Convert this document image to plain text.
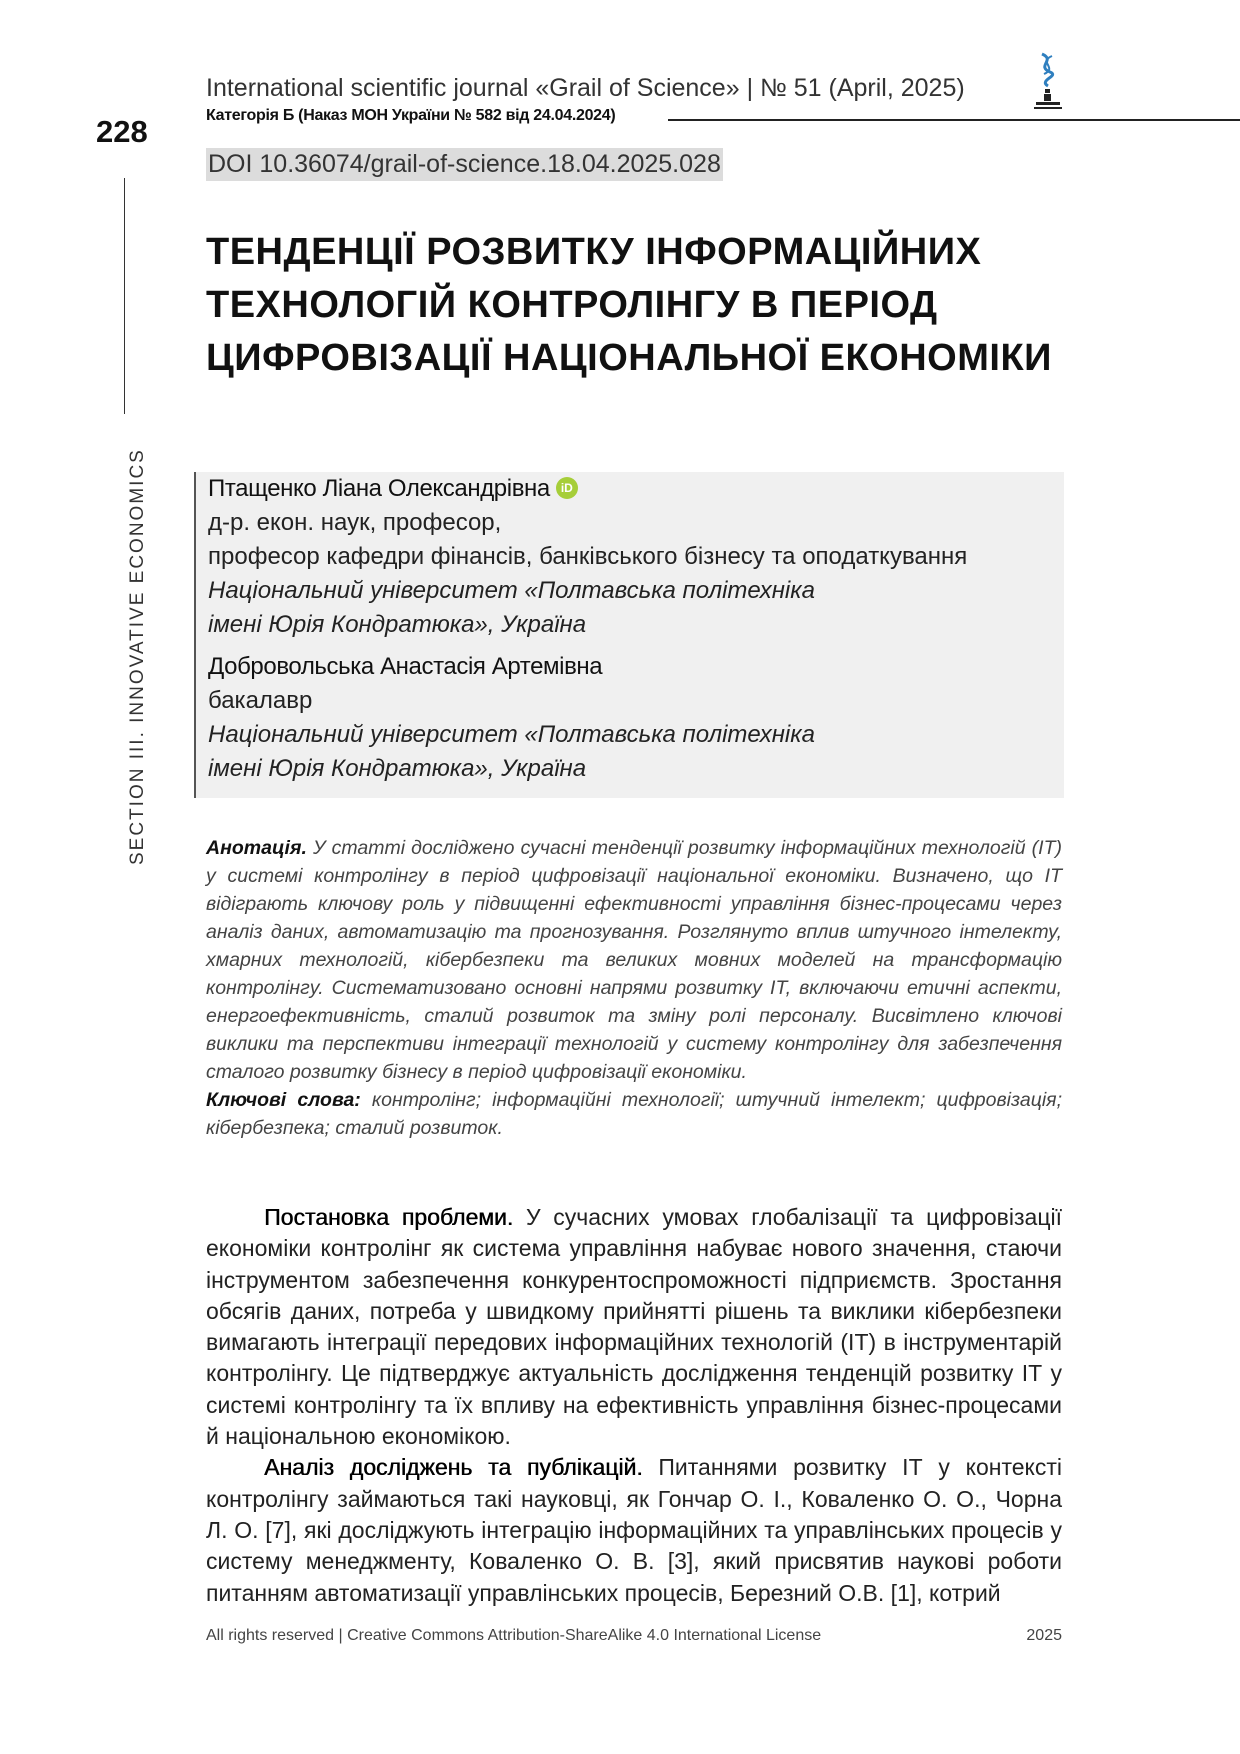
International scientific journal «Grail of Science» | № 51 (April, 2025)
Категорія Б (Наказ МОН України № 582 від 24.04.2024)
228
DOI 10.36074/grail-of-science.18.04.2025.028
SECTION III. INNOVATIVE ECONOMICS
ТЕНДЕНЦІЇ РОЗВИТКУ ІНФОРМАЦІЙНИХ ТЕХНОЛОГІЙ КОНТРОЛІНГУ В ПЕРІОД ЦИФРОВІЗАЦІЇ НАЦІОНАЛЬНОЇ ЕКОНОМІКИ
Птащенко Ліана Олександрівна iD
д-р. екон. наук, професор,
професор кафедри фінансів, банківського бізнесу та оподаткування
Національний університет «Полтавська політехніка
імені Юрія Кондратюка», Україна
Добровольська Анастасія Артемівна
бакалавр
Національний університет «Полтавська політехніка
імені Юрія Кондратюка», Україна
Анотація. У статті досліджено сучасні тенденції розвитку інформаційних технологій (ІТ) у системі контролінгу в період цифровізації національної економіки. Визначено, що ІТ відіграють ключову роль у підвищенні ефективності управління бізнес-процесами через аналіз даних, автоматизацію та прогнозування. Розглянуто вплив штучного інтелекту, хмарних технологій, кібербезпеки та великих мовних моделей на трансформацію контролінгу. Систематизовано основні напрями розвитку ІТ, включаючи етичні аспекти, енергоефективність, сталий розвиток та зміну ролі персоналу. Висвітлено ключові виклики та перспективи інтеграції технологій у систему контролінгу для забезпечення сталого розвитку бізнесу в період цифровізації економіки.
Ключові слова: контролінг; інформаційні технології; штучний інтелект; цифровізація; кібербезпека; сталий розвиток.

Постановка проблеми. У сучасних умовах глобалізації та цифровізації економіки контролінг як система управління набуває нового значення, стаючи інструментом забезпечення конкурентоспроможності підприємств. Зростання обсягів даних, потреба у швидкому прийнятті рішень та виклики кібербезпеки вимагають інтеграції передових інформаційних технологій (ІТ) в інструментарій контролінгу. Це підтверджує актуальність дослідження тенденцій розвитку ІТ у системі контролінгу та їх впливу на ефективність управління бізнес-процесами й національною економікою.

Аналіз досліджень та публікацій. Питаннями розвитку ІТ у контексті контролінгу займаються такі науковці, як Гончар О. І., Коваленко О. О., Чорна Л. О. [7], які досліджують інтеграцію інформаційних та управлінських процесів у систему менеджменту, Коваленко О. В. [3], який присвятив наукові роботи питанням автоматизації управлінських процесів, Березний О.В. [1], котрий

All rights reserved | Creative Commons Attribution-ShareAlike 4.0 International License	2025
